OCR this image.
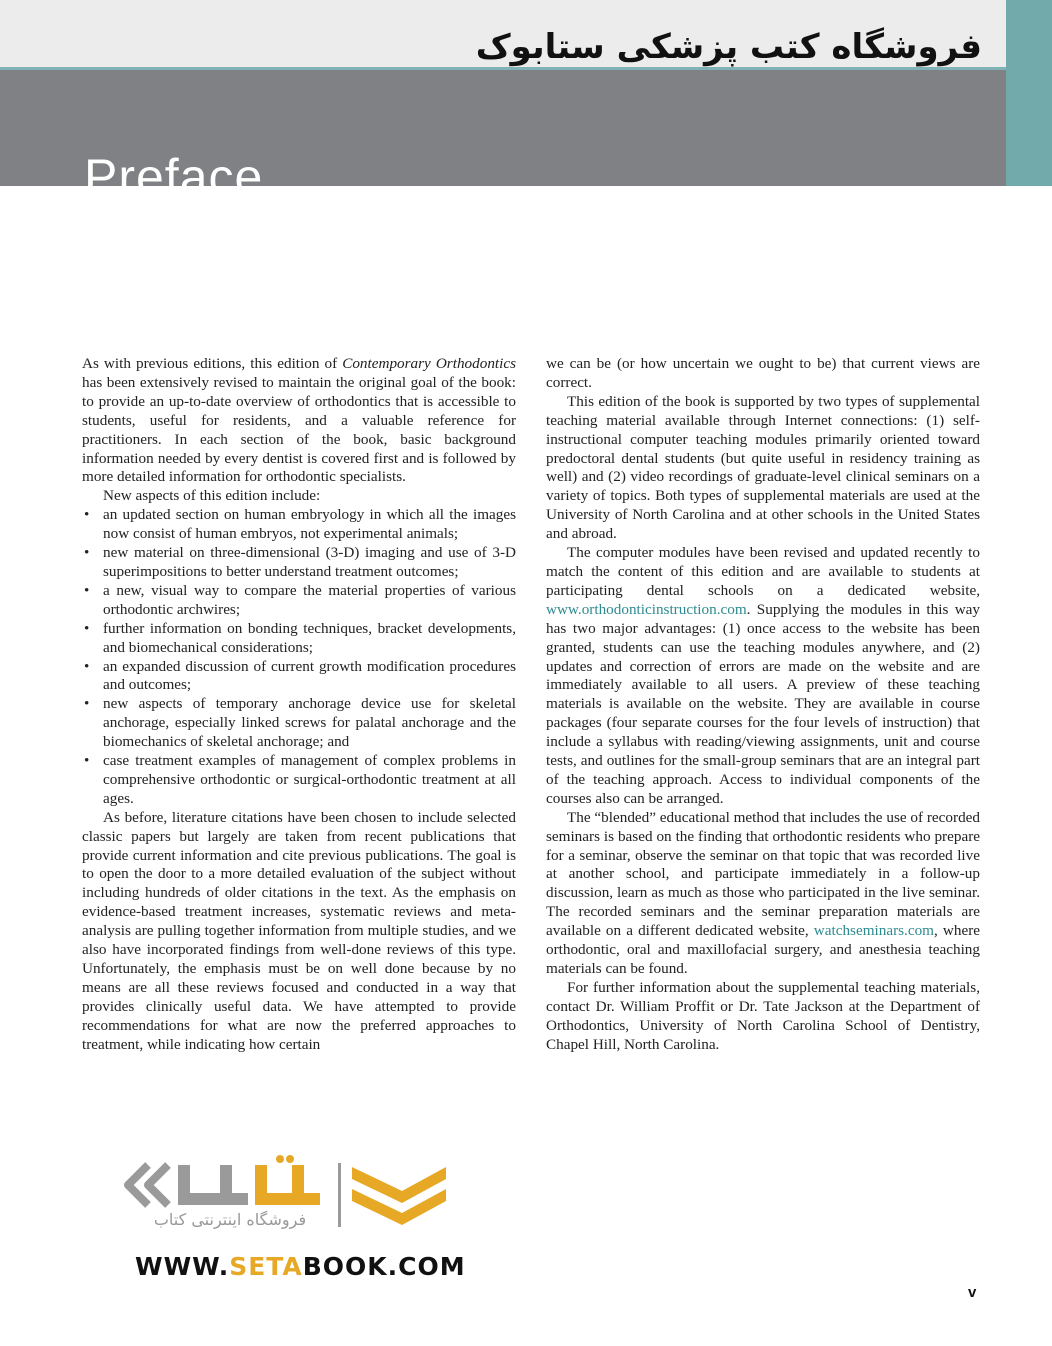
فروشگاه کتب پزشکی ستابوک
Preface

As with previous editions, this edition of Contemporary Orthodontics has been extensively revised to maintain the original goal of the book: to provide an up-to-date overview of orthodontics that is accessible to students, useful for residents, and a valuable reference for practitioners. In each section of the book, basic background information needed by every dentist is covered first and is followed by more detailed information for orthodontic specialists.

New aspects of this edition include:

• an updated section on human embryology in which all the images now consist of human embryos, not experimental animals;
• new material on three-dimensional (3-D) imaging and use of 3-D superimpositions to better understand treatment outcomes;
• a new, visual way to compare the material properties of various orthodontic archwires;
• further information on bonding techniques, bracket developments, and biomechanical considerations;
• an expanded discussion of current growth modification procedures and outcomes;
• new aspects of temporary anchorage device use for skeletal anchorage, especially linked screws for palatal anchorage and the biomechanics of skeletal anchorage; and
• case treatment examples of management of complex problems in comprehensive orthodontic or surgical-orthodontic treatment at all ages.

As before, literature citations have been chosen to include selected classic papers but largely are taken from recent publications that provide current information and cite previous publications. The goal is to open the door to a more detailed evaluation of the subject without including hundreds of older citations in the text. As the emphasis on evidence-based treatment increases, systematic reviews and meta-analysis are pulling together information from multiple studies, and we also have incorporated findings from well-done reviews of this type. Unfortunately, the emphasis must be on well done because by no means are all these reviews focused and conducted in a way that provides clinically useful data. We have attempted to provide recommendations for what are now the preferred approaches to treatment, while indicating how certain

we can be (or how uncertain we ought to be) that current views are correct.

This edition of the book is supported by two types of supplemental teaching material available through Internet connections: (1) self-instructional computer teaching modules primarily oriented toward predoctoral dental students (but quite useful in residency training as well) and (2) video recordings of graduate-level clinical seminars on a variety of topics. Both types of supplemental materials are used at the University of North Carolina and at other schools in the United States and abroad.

The computer modules have been revised and updated recently to match the content of this edition and are available to students at participating dental schools on a dedicated website, www.orthodonticinstruction.com. Supplying the modules in this way has two major advantages: (1) once access to the website has been granted, students can use the teaching modules anywhere, and (2) updates and correction of errors are made on the website and are immediately available to all users. A preview of these teaching materials is available on the website. They are available in course packages (four separate courses for the four levels of instruction) that include a syllabus with reading/viewing assignments, unit and course tests, and outlines for the small-group seminars that are an integral part of the teaching approach. Access to individual components of the courses also can be arranged.

The “blended” educational method that includes the use of recorded seminars is based on the finding that orthodontic residents who prepare for a seminar, observe the seminar on that topic that was recorded live at another school, and participate immediately in a follow-up discussion, learn as much as those who participated in the live seminar. The recorded seminars and the seminar preparation materials are available on a different dedicated website, watchseminars.com, where orthodontic, oral and maxillofacial surgery, and anesthesia teaching materials can be found.

For further information about the supplemental teaching materials, contact Dr. William Proffit or Dr. Tate Jackson at the Department of Orthodontics, University of North Carolina School of Dentistry, Chapel Hill, North Carolina.

فروشگاه اینترنتی کتاب
WWW.SETABOOK.COM
v
